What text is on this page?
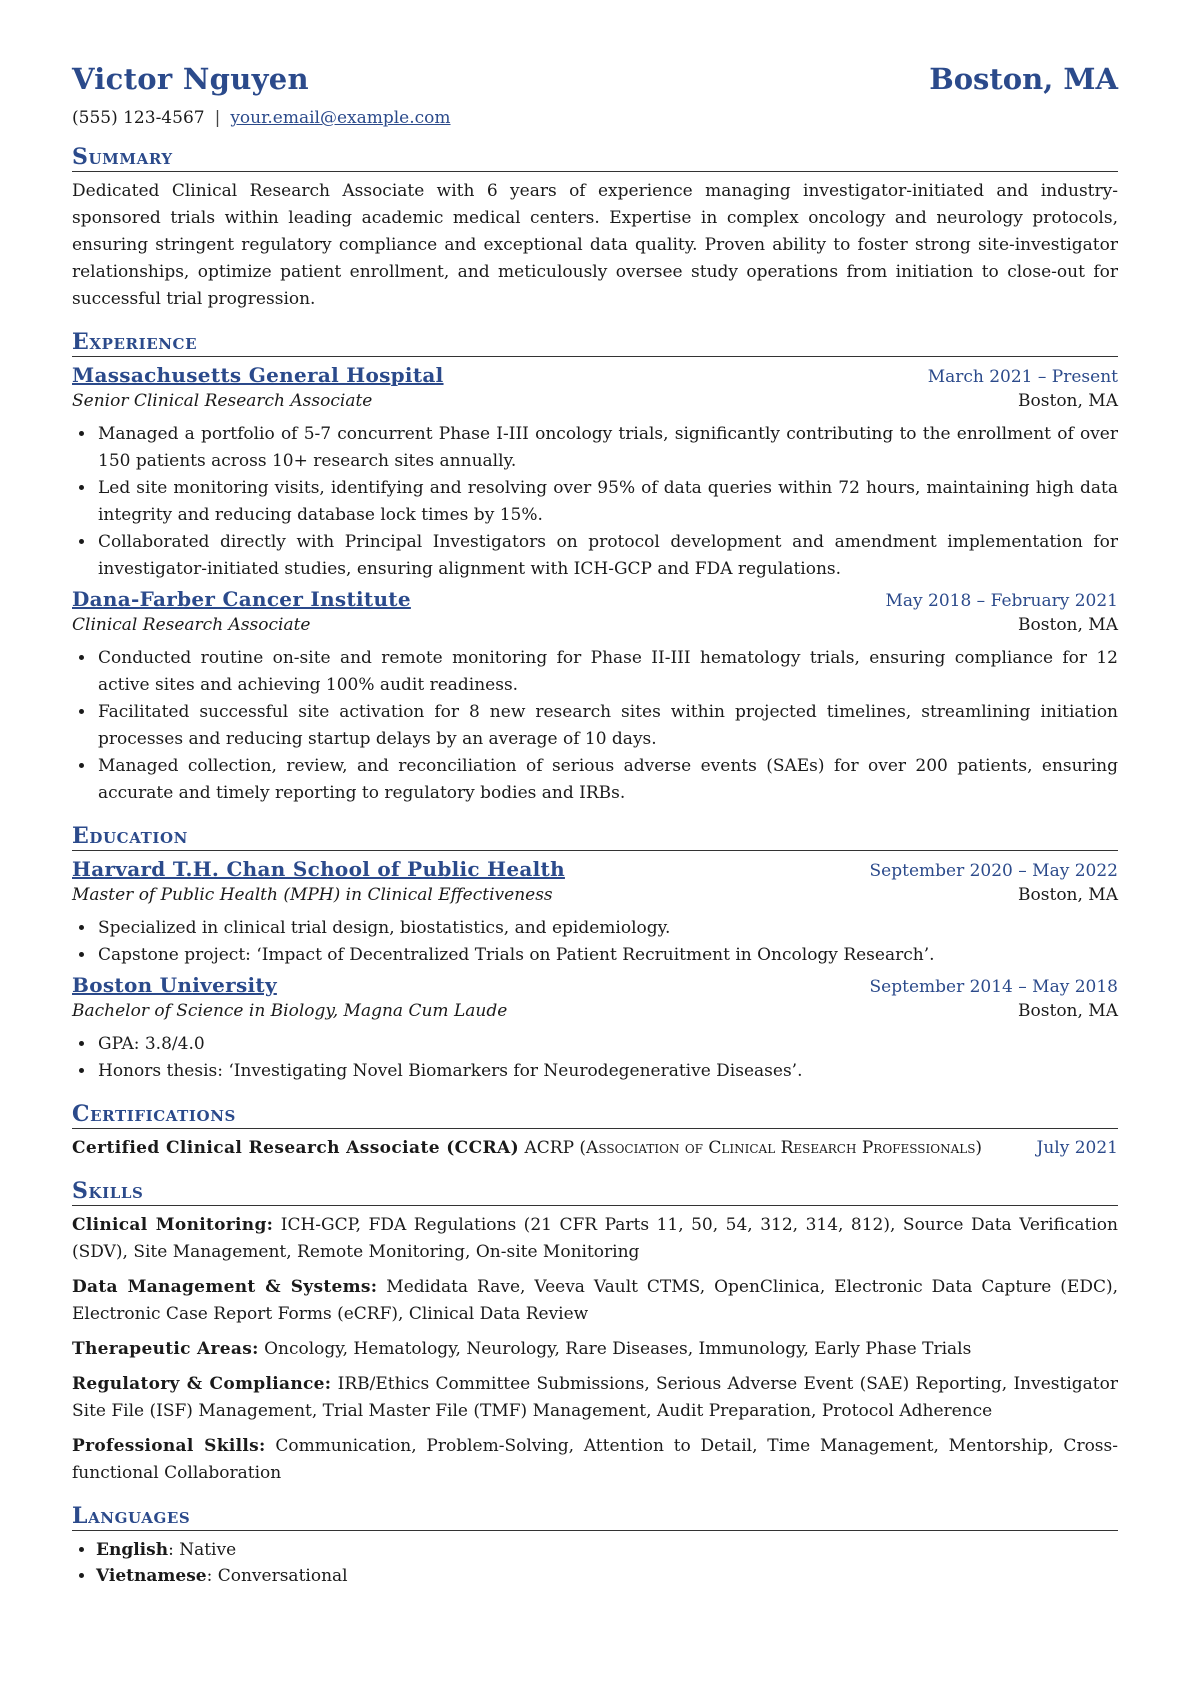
Victor Nguyen	Boston, MA
(555) 123-4567 | your.email@example.com
Summary
Dedicated Clinical Research Associate with 6 years of experience managing investigator-initiated and industry-sponsored trials within leading academic medical centers. Expertise in complex oncology and neurology protocols, ensuring stringent regulatory compliance and exceptional data quality. Proven ability to foster strong site-investigator relationships, optimize patient enrollment, and meticulously oversee study operations from initiation to close-out for successful trial progression.
Experience
Massachusetts General Hospital	March 2021 – Present
Senior Clinical Research Associate	Boston, MA
• Managed a portfolio of 5-7 concurrent Phase I-III oncology trials, significantly contributing to the enrollment of over 150 patients across 10+ research sites annually.
• Led site monitoring visits, identifying and resolving over 95% of data queries within 72 hours, maintaining high data integrity and reducing database lock times by 15%.
• Collaborated directly with Principal Investigators on protocol development and amendment implementation for investigator-initiated studies, ensuring alignment with ICH-GCP and FDA regulations.
Dana-Farber Cancer Institute	May 2018 – February 2021
Clinical Research Associate	Boston, MA
• Conducted routine on-site and remote monitoring for Phase II-III hematology trials, ensuring compliance for 12 active sites and achieving 100% audit readiness.
• Facilitated successful site activation for 8 new research sites within projected timelines, streamlining initiation processes and reducing startup delays by an average of 10 days.
• Managed collection, review, and reconciliation of serious adverse events (SAEs) for over 200 patients, ensuring accurate and timely reporting to regulatory bodies and IRBs.
Education
Harvard T.H. Chan School of Public Health	September 2020 – May 2022
Master of Public Health (MPH) in Clinical Effectiveness	Boston, MA
• Specialized in clinical trial design, biostatistics, and epidemiology.
• Capstone project: ‘Impact of Decentralized Trials on Patient Recruitment in Oncology Research’.
Boston University	September 2014 – May 2018
Bachelor of Science in Biology, Magna Cum Laude	Boston, MA
• GPA: 3.8/4.0
• Honors thesis: ‘Investigating Novel Biomarkers for Neurodegenerative Diseases’.
Certifications
Certified Clinical Research Associate (CCRA) ACRP (Association of Clinical Research Professionals)	July 2021
Skills
Clinical Monitoring: ICH-GCP, FDA Regulations (21 CFR Parts 11, 50, 54, 312, 314, 812), Source Data Verification (SDV), Site Management, Remote Monitoring, On-site Monitoring
Data Management & Systems: Medidata Rave, Veeva Vault CTMS, OpenClinica, Electronic Data Capture (EDC), Electronic Case Report Forms (eCRF), Clinical Data Review
Therapeutic Areas: Oncology, Hematology, Neurology, Rare Diseases, Immunology, Early Phase Trials
Regulatory & Compliance: IRB/Ethics Committee Submissions, Serious Adverse Event (SAE) Reporting, Investigator Site File (ISF) Management, Trial Master File (TMF) Management, Audit Preparation, Protocol Adherence
Professional Skills: Communication, Problem-Solving, Attention to Detail, Time Management, Mentorship, Cross-functional Collaboration
Languages
• English: Native
• Vietnamese: Conversational
